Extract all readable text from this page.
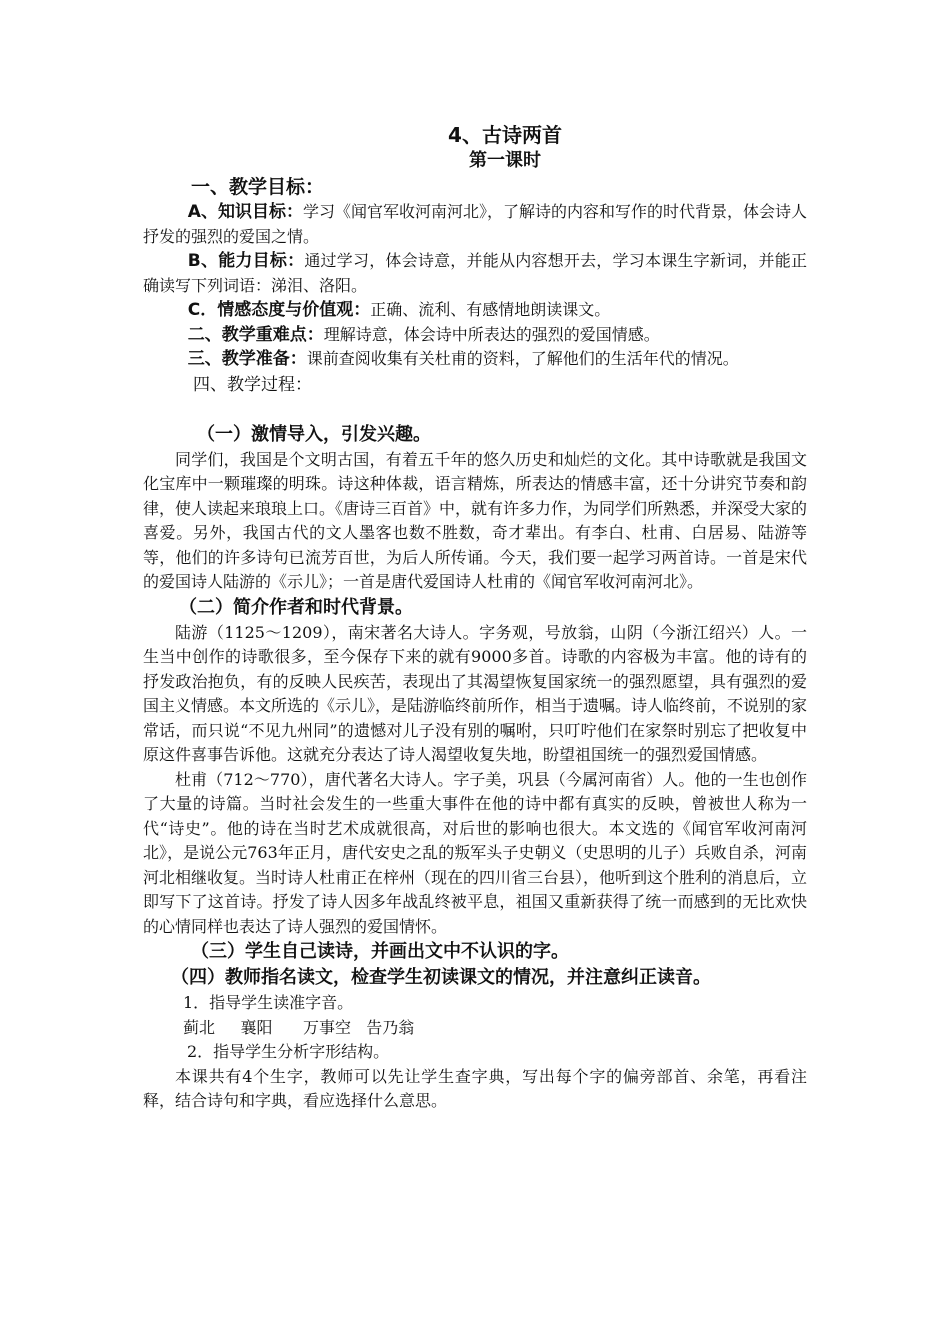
4、古诗两首
第一课时
一、教学目标：

A、知识目标：学习《闻官军收河南河北》，了解诗的内容和写作的时代背景，体会诗人抒发的强烈的爱国之情。

B、能力目标：通过学习，体会诗意，并能从内容想开去，学习本课生字新词，并能正确读写下列词语：涕泪、洛阳。

C．情感态度与价值观：正确、流利、有感情地朗读课文。

二、教学重难点：理解诗意，体会诗中所表达的强烈的爱国情感。

三、教学准备：课前查阅收集有关杜甫的资料，了解他们的生活年代的情况。

四、教学过程：
（一）激情导入，引发兴趣。

同学们，我国是个文明古国，有着五千年的悠久历史和灿烂的文化。其中诗歌就是我国文化宝库中一颗璀璨的明珠。诗这种体裁，语言精炼，所表达的情感丰富，还十分讲究节奏和韵律，使人读起来琅琅上口。《唐诗三百首》中，就有许多力作，为同学们所熟悉，并深受大家的喜爱。另外，我国古代的文人墨客也数不胜数，奇才辈出。有李白、杜甫、白居易、陆游等等，他们的许多诗句已流芳百世，为后人所传诵。今天，我们要一起学习两首诗。一首是宋代的爱国诗人陆游的《示儿》；一首是唐代爱国诗人杜甫的《闻官军收河南河北》。

（二）简介作者和时代背景。

陆游（1125～1209），南宋著名大诗人。字务观，号放翁，山阴（今浙江绍兴）人。一生当中创作的诗歌很多，至今保存下来的就有9000多首。诗歌的内容极为丰富。他的诗有的抒发政治抱负，有的反映人民疾苦，表现出了其渴望恢复国家统一的强烈愿望，具有强烈的爱国主义情感。本文所选的《示儿》，是陆游临终前所作，相当于遗嘱。诗人临终前，不说别的家常话，而只说“不见九州同”的遗憾对儿子没有别的嘱咐，只叮咛他们在家祭时别忘了把收复中原这件喜事告诉他。这就充分表达了诗人渴望收复失地，盼望祖国统一的强烈爱国情感。

杜甫（712～770），唐代著名大诗人。字子美，巩县（今属河南省）人。他的一生也创作了大量的诗篇。当时社会发生的一些重大事件在他的诗中都有真实的反映，曾被世人称为一代“诗史”。他的诗在当时艺术成就很高，对后世的影响也很大。本文选的《闻官军收河南河北》，是说公元763年正月，唐代安史之乱的叛军头子史朝义（史思明的儿子）兵败自杀，河南河北相继收复。当时诗人杜甫正在梓州（现在的四川省三台县），他听到这个胜利的消息后，立即写下了这首诗。抒发了诗人因多年战乱终被平息，祖国又重新获得了统一而感到的无比欢快的心情同样也表达了诗人强烈的爱国情怀。

（三）学生自己读诗，并画出文中不认识的字。
（四）教师指名读文，检查学生初读课文的情况，并注意纠正读音。

1．指导学生读准字音。

蓟北 襄阳 万事空 告乃翁

2．指导学生分析字形结构。

本课共有4个生字，教师可以先让学生查字典，写出每个字的偏旁部首、余笔，再看注释，结合诗句和字典，看应选择什么意思。
